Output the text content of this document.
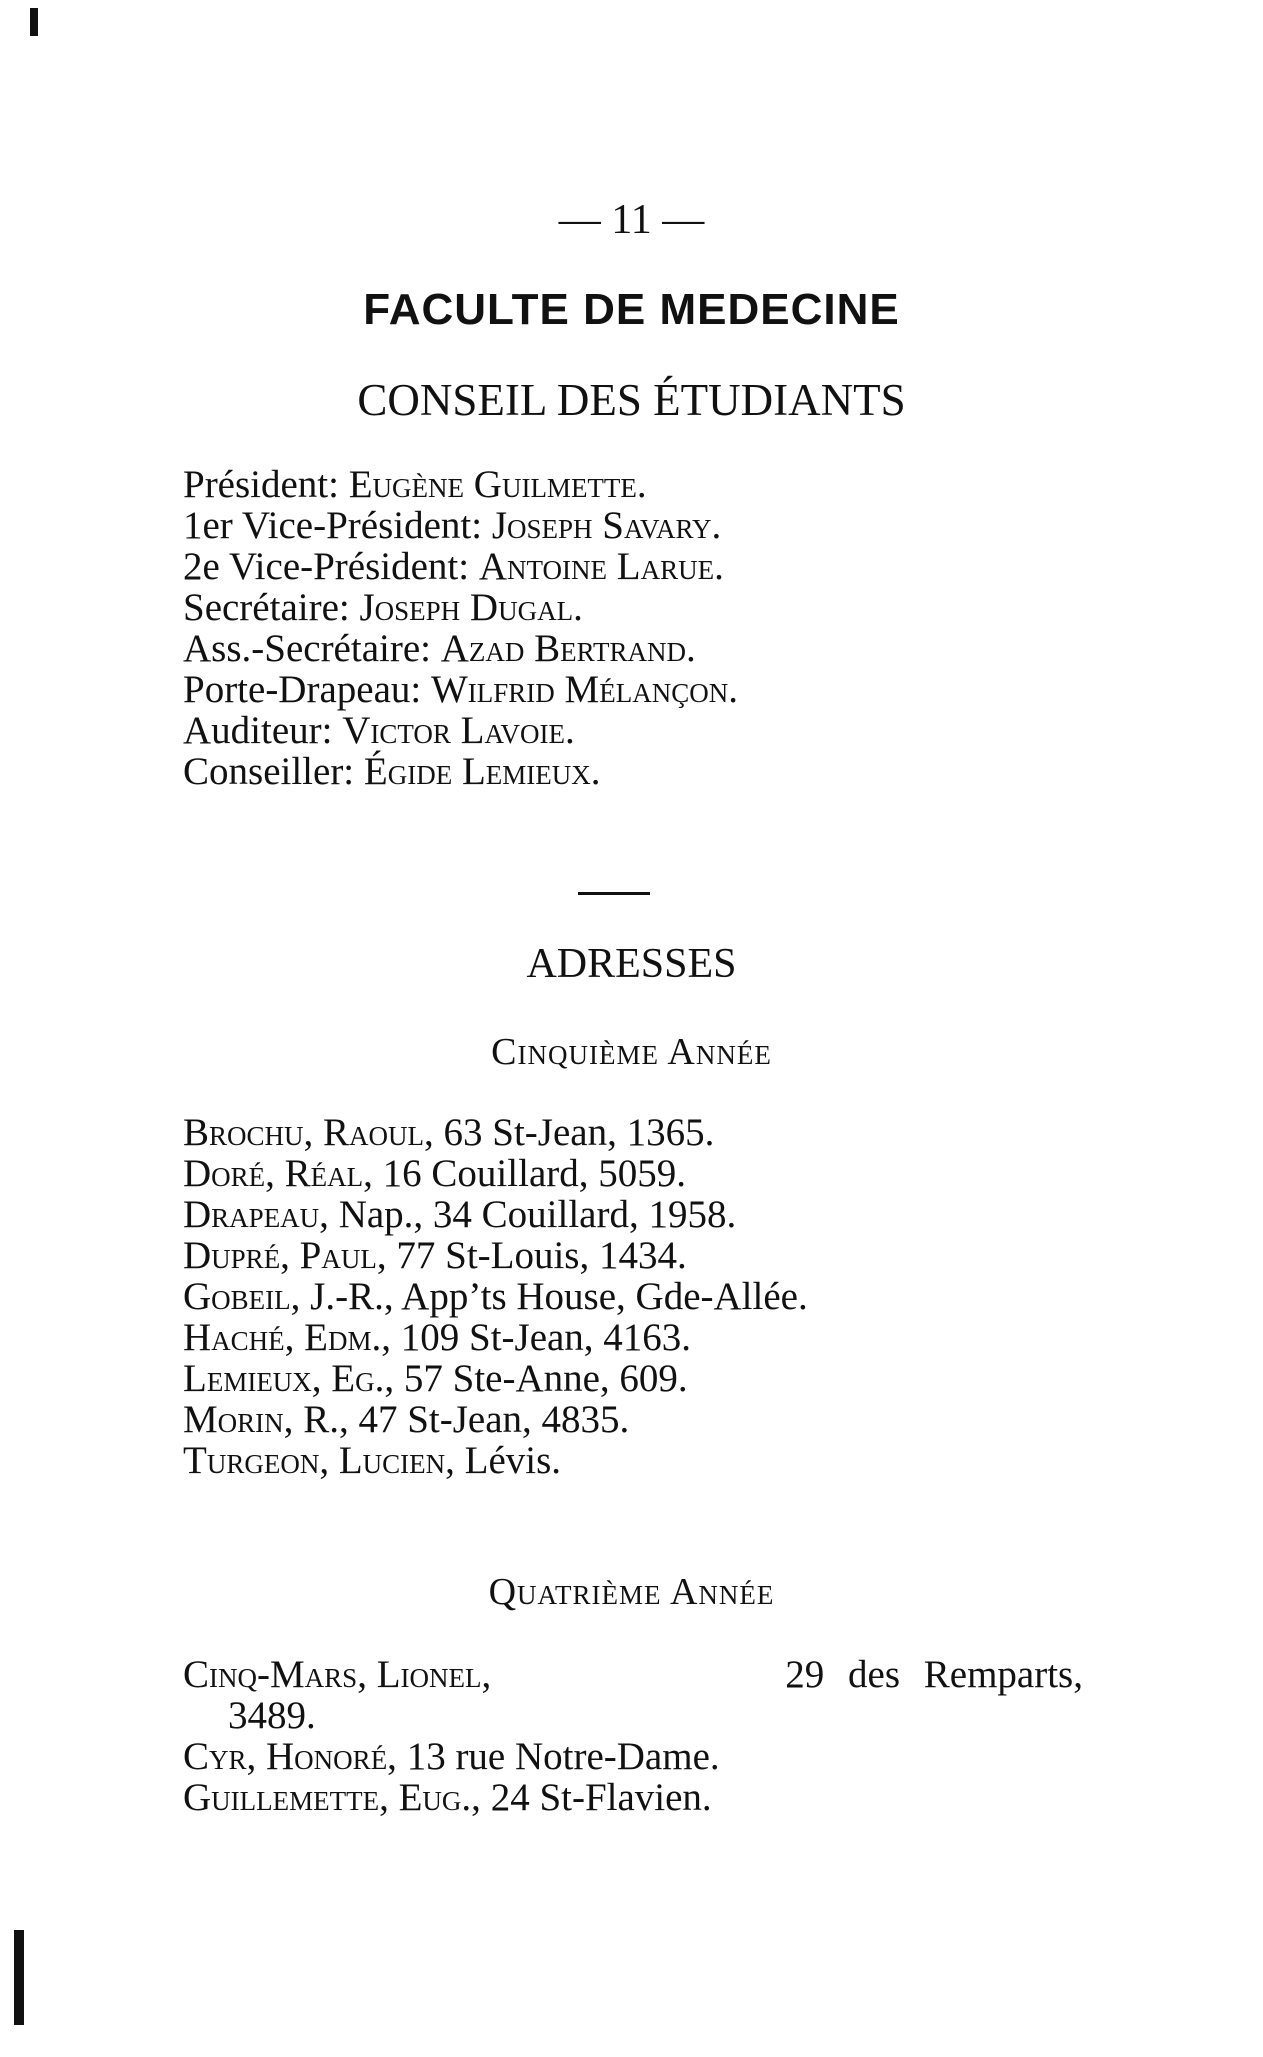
— 11 —
FACULTE DE MEDECINE
CONSEIL DES ÉTUDIANTS
Président: Eugène Guilmette.
1er Vice-Président: Joseph Savary.
2e Vice-Président: Antoine Larue.
Secrétaire: Joseph Dugal.
Ass.-Secrétaire: Azad Bertrand.
Porte-Drapeau: Wilfrid Mélançon.
Auditeur: Victor Lavoie.
Conseiller: Égide Lemieux.
ADRESSES
Cinquième Année
Brochu, Raoul, 63 St-Jean, 1365.
Doré, Réal, 16 Couillard, 5059.
Drapeau, Nap., 34 Couillard, 1958.
Dupré, Paul, 77 St-Louis, 1434.
Gobeil, J.-R., App’ts House, Gde-Allée.
Haché, Edm., 109 St-Jean, 4163.
Lemieux, Eg., 57 Ste-Anne, 609.
Morin, R., 47 St-Jean, 4835.
Turgeon, Lucien, Lévis.
Quatrième Année
Cinq-Mars, Lionel,	29 des Remparts,
3489.
Cyr, Honoré, 13 rue Notre-Dame.
Guillemette, Eug., 24 St-Flavien.
